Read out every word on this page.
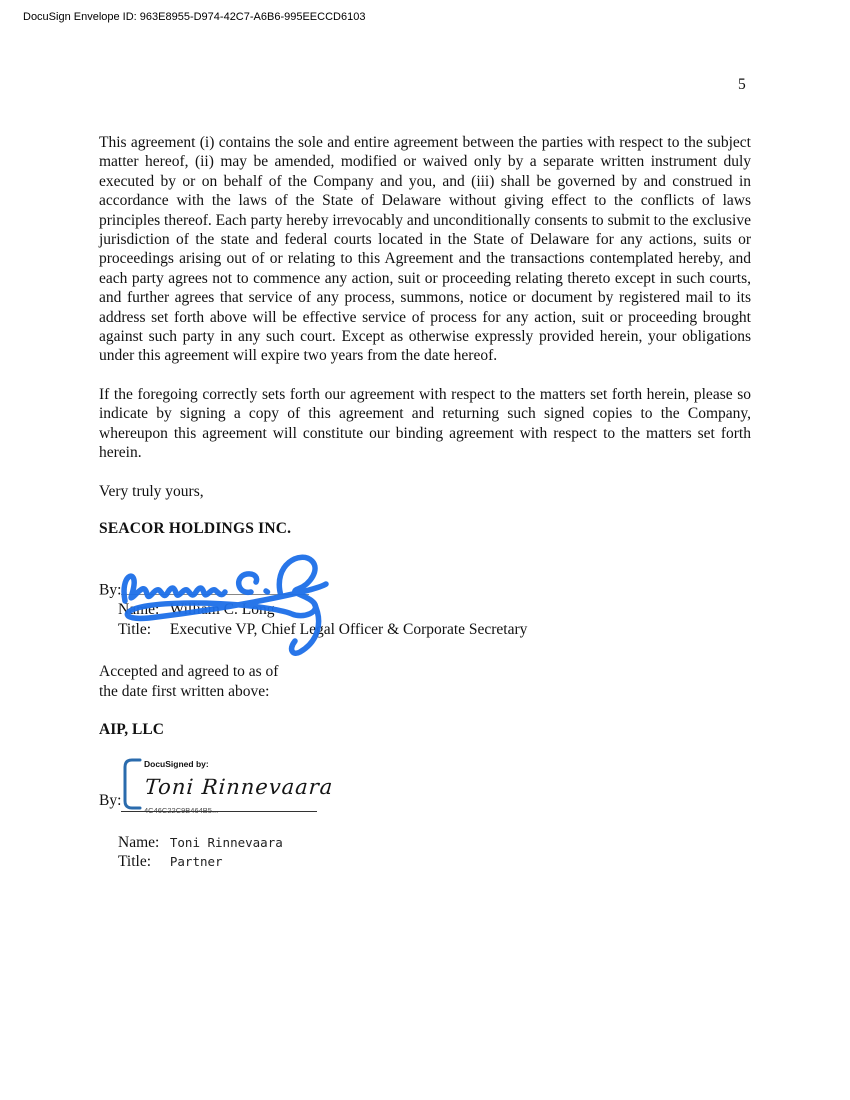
DocuSign Envelope ID: 963E8955-D974-42C7-A6B6-995EECCD6103
5

This agreement (i) contains the sole and entire agreement between the parties with respect to the subject matter hereof, (ii) may be amended, modified or waived only by a separate written instrument duly executed by or on behalf of the Company and you, and (iii) shall be governed by and construed in accordance with the laws of the State of Delaware without giving effect to the conflicts of laws principles thereof. Each party hereby irrevocably and unconditionally consents to submit to the exclusive jurisdiction of the state and federal courts located in the State of Delaware for any actions, suits or proceedings arising out of or relating to this Agreement and the transactions contemplated hereby, and each party agrees not to commence any action, suit or proceeding relating thereto except in such courts, and further agrees that service of any process, summons, notice or document by registered mail to its address set forth above will be effective service of process for any action, suit or proceeding brought against such party in any such court. Except as otherwise expressly provided herein, your obligations under this agreement will expire two years from the date hereof.

If the foregoing correctly sets forth our agreement with respect to the matters set forth herein, please so indicate by signing a copy of this agreement and returning such signed copies to the Company, whereupon this agreement will constitute our binding agreement with respect to the matters set forth herein.

Very truly yours,

SEACOR HOLDINGS INC.

By:
Name: William C. Long
Title: Executive VP, Chief Legal Officer & Corporate Secretary
Accepted and agreed to as of
the date first written above:

AIP, LLC

DocuSigned by:
Toni Rinnevaara
4C46C22C9B464B5...
By:
Name: Toni Rinnevaara
Title: Partner
